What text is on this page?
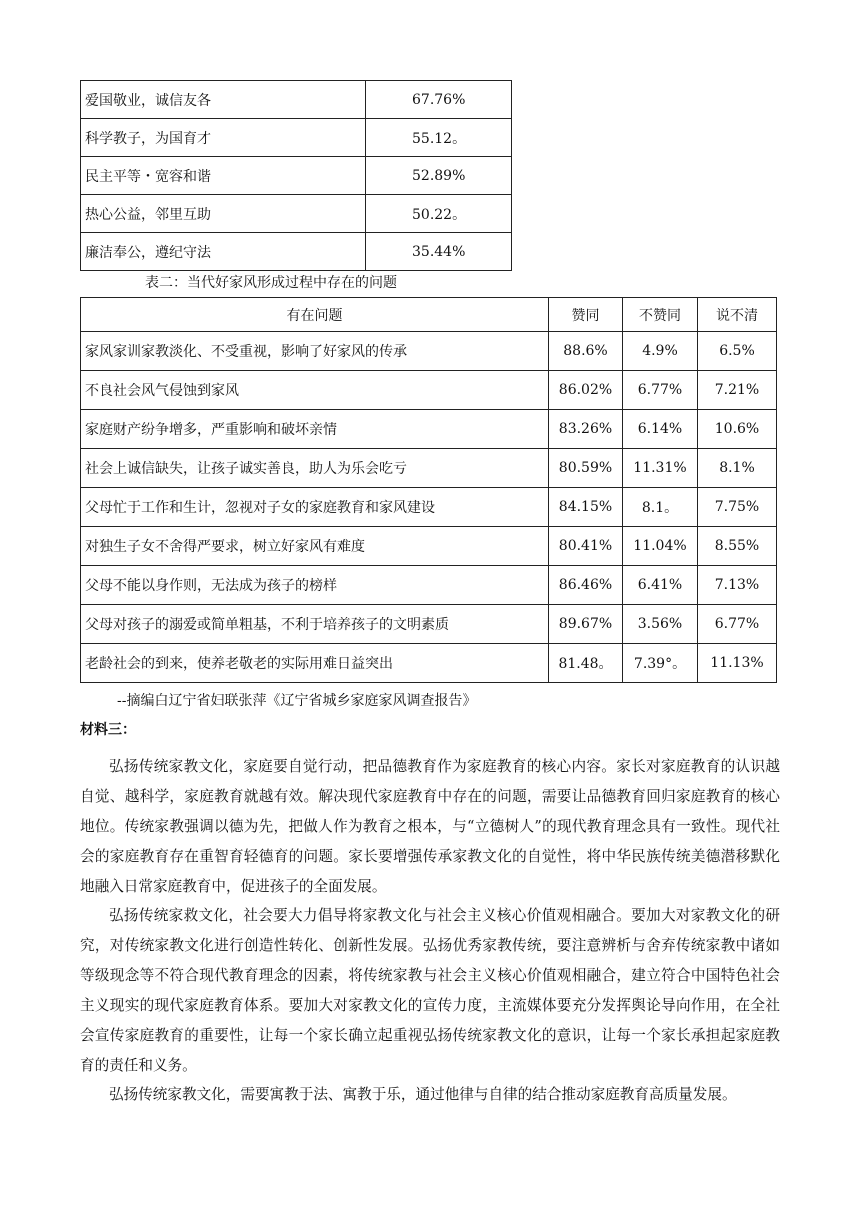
爱国敬业，诚信友各	67.76%
科学教子，为国育才	55.12。
民主平等・宽容和谐	52.89%
热心公益，邻里互助	50.22。
廉洁奉公，遵纪守法	35.44%
表二：当代好家风形成过程中存在的问题
有在问题	赞同	不赞同	说不清
家风家训家教淡化、不受重视，影响了好家风的传承	88.6%	4.9%	6.5%
不良社会风气侵蚀到家风	86.02%	6.77%	7.21%
家庭财产纷争增多，严重影响和破坏亲情	83.26%	6.14%	10.6%
社会上诚信缺失，让孩子诚实善良，助人为乐会吃亏	80.59%	11.31%	8.1%
父母忙于工作和生计，忽视对子女的家庭教育和家风建设	84.15%	8.1。	7.75%
对独生子女不舍得严要求，树立好家风有难度	80.41%	11.04%	8.55%
父母不能以身作则，无法成为孩子的榜样	86.46%	6.41%	7.13%
父母对孩子的溺爱或简单粗基，不利于培养孩子的文明素质	89.67%	3.56%	6.77%
老龄社会的到来，使养老敬老的实际用难日益突出	81.48。	7.39°。	11.13%
--摘编白辽宁省妇联张萍《辽宁省城乡家庭家风调查报告》
材料三：

弘扬传统家教文化，家庭要自觉行动，把品德教育作为家庭教育的核心内容。家长对家庭教育的认识越自觉、越科学，家庭教育就越有效。解决现代家庭教育中存在的问题，需要让品德教育回归家庭教育的核心地位。传统家教强调以德为先，把做人作为教育之根本，与“立德树人”的现代教育理念具有一致性。现代社会的家庭教育存在重智育轻德育的问题。家长要增强传承家教文化的自觉性，将中华民族传统美德潜移默化地融入日常家庭教育中，促进孩子的全面发展。

弘扬传统家救文化，社会要大力倡导将家教文化与社会主义核心价值观相融合。要加大对家教文化的研究，对传统家教文化进行创造性转化、创新性发展。弘扬优秀家教传统，要注意辨析与舍弃传统家教中诸如等级现念等不符合现代教育理念的因素，将传统家教与社会主义核心价值观相融合，建立符合中国特色社会主义现实的现代家庭教育体系。要加大对家教文化的宣传力度，主流媒体要充分发挥舆论导向作用，在全社会宣传家庭教育的重要性，让每一个家长确立起重视弘扬传统家教文化的意识，让每一个家长承担起家庭教育的责任和义务。

弘扬传统家教文化，需要寓教于法、寓教于乐，通过他律与自律的结合推动家庭教育高质量发展。
